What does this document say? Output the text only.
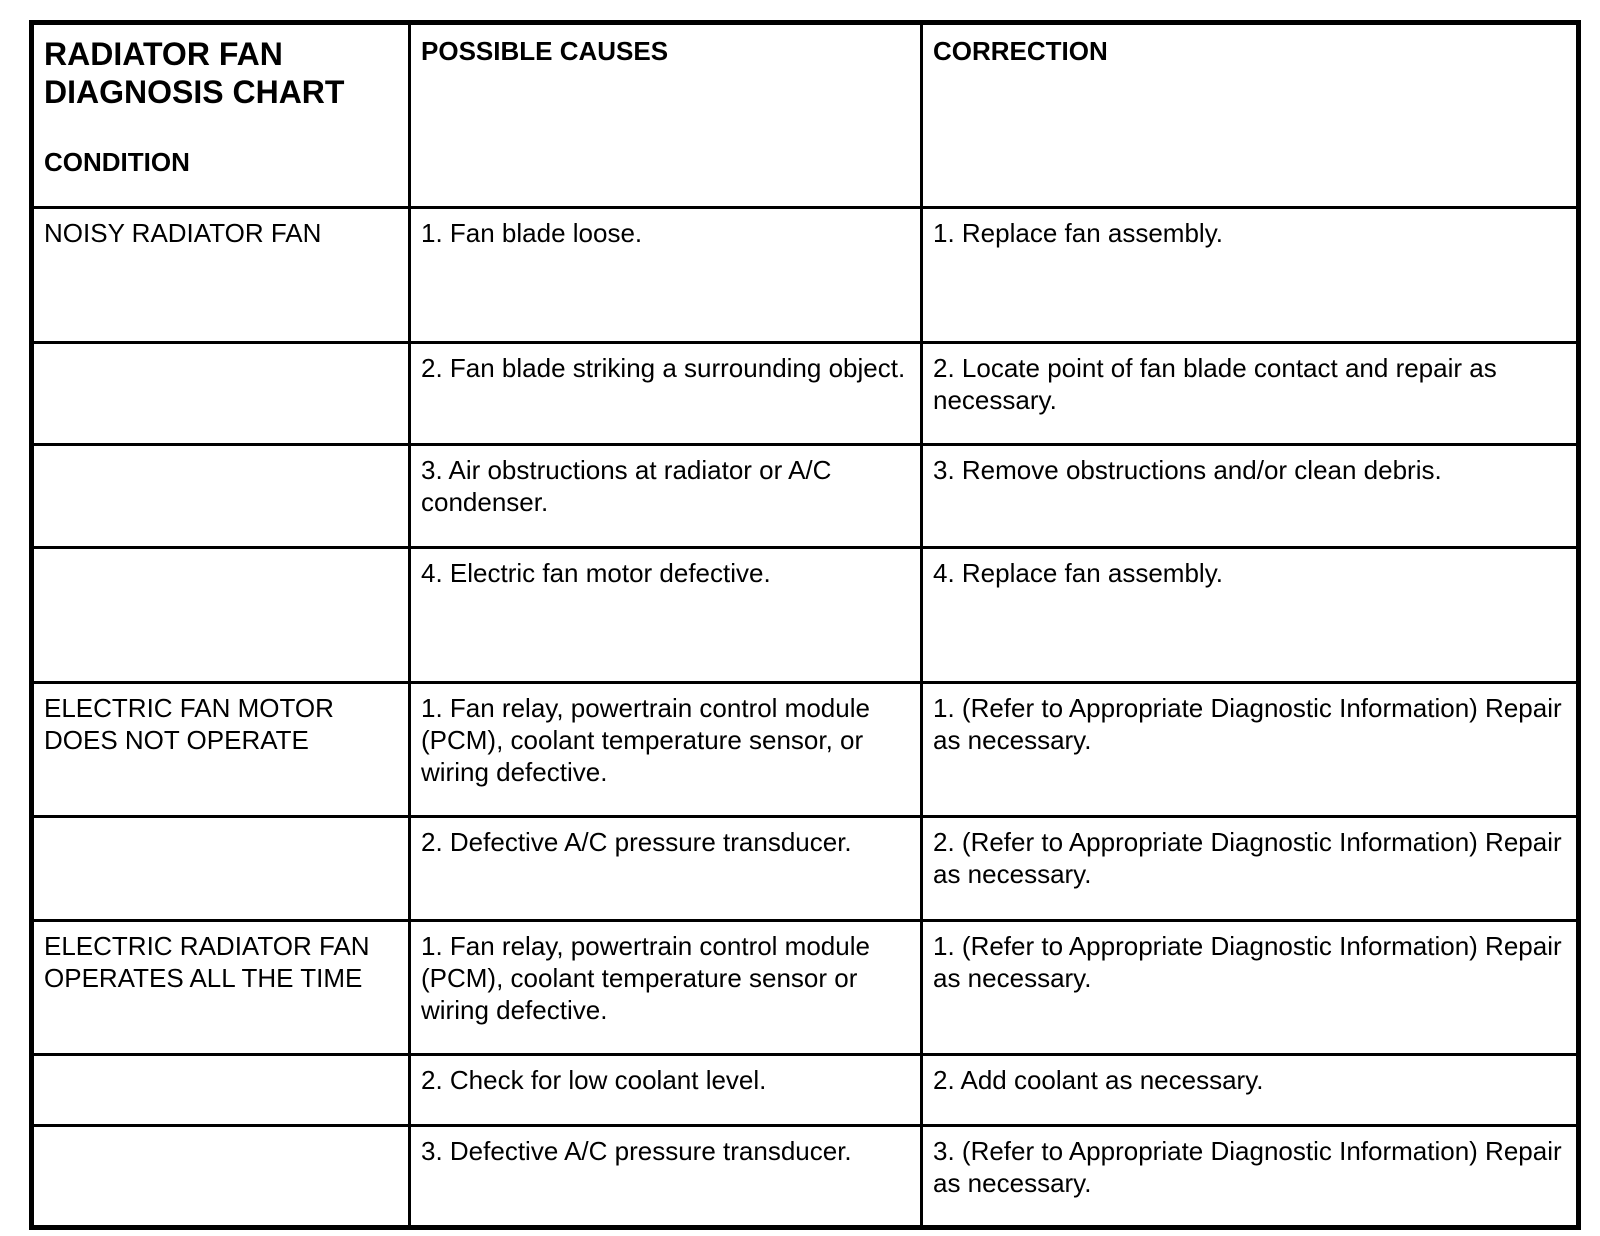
RADIATOR FAN DIAGNOSIS CHART
CONDITION	POSSIBLE CAUSES	CORRECTION

NOISY RADIATOR FAN	1. Fan blade loose.	1. Replace fan assembly.
	2. Fan blade striking a surrounding object.	2. Locate point of fan blade contact and repair as necessary.
	3. Air obstructions at radiator or A/C condenser.	3. Remove obstructions and/or clean debris.
	4. Electric fan motor defective.	4. Replace fan assembly.
ELECTRIC FAN MOTOR DOES NOT OPERATE	1. Fan relay, powertrain control module (PCM), coolant temperature sensor, or wiring defective.	1. (Refer to Appropriate Diagnostic Information) Repair as necessary.
	2. Defective A/C pressure transducer.	2. (Refer to Appropriate Diagnostic Information) Repair as necessary.
ELECTRIC RADIATOR FAN OPERATES ALL THE TIME	1. Fan relay, powertrain control module (PCM), coolant temperature sensor or wiring defective.	1. (Refer to Appropriate Diagnostic Information) Repair as necessary.
	2. Check for low coolant level.	2. Add coolant as necessary.
	3. Defective A/C pressure transducer.	3. (Refer to Appropriate Diagnostic Information) Repair as necessary.
